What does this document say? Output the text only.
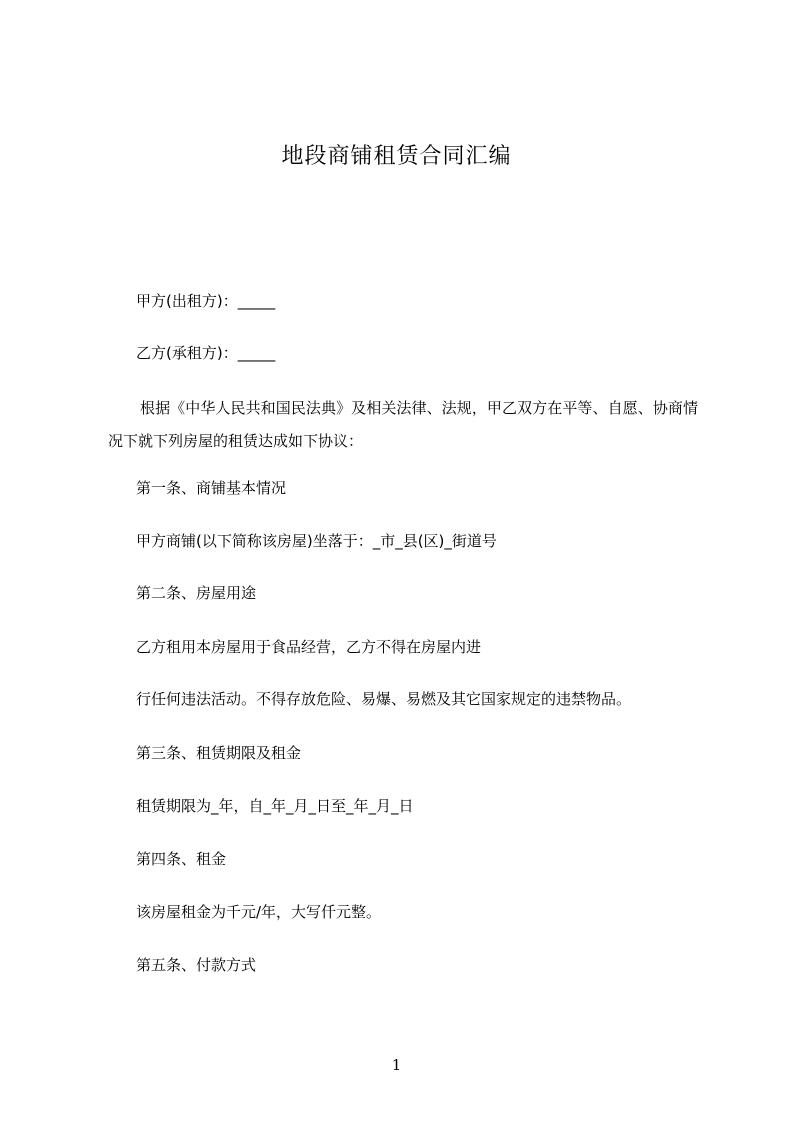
地段商铺租赁合同汇编
甲方(出租方)：_____
乙方(承租方)：_____
根据《中华人民共和国民法典》及相关法律、法规，甲乙双方在平等、自愿、协商情况下就下列房屋的租赁达成如下协议：
第一条、商铺基本情况
甲方商铺(以下简称该房屋)坐落于：_市_县(区)_街道号
第二条、房屋用途
乙方租用本房屋用于食品经营，乙方不得在房屋内进
行任何违法活动。不得存放危险、易爆、易燃及其它国家规定的违禁物品。
第三条、租赁期限及租金
租赁期限为_年，自_年_月_日至_年_月_日
第四条、租金
该房屋租金为千元/年，大写仟元整。
第五条、付款方式
1
